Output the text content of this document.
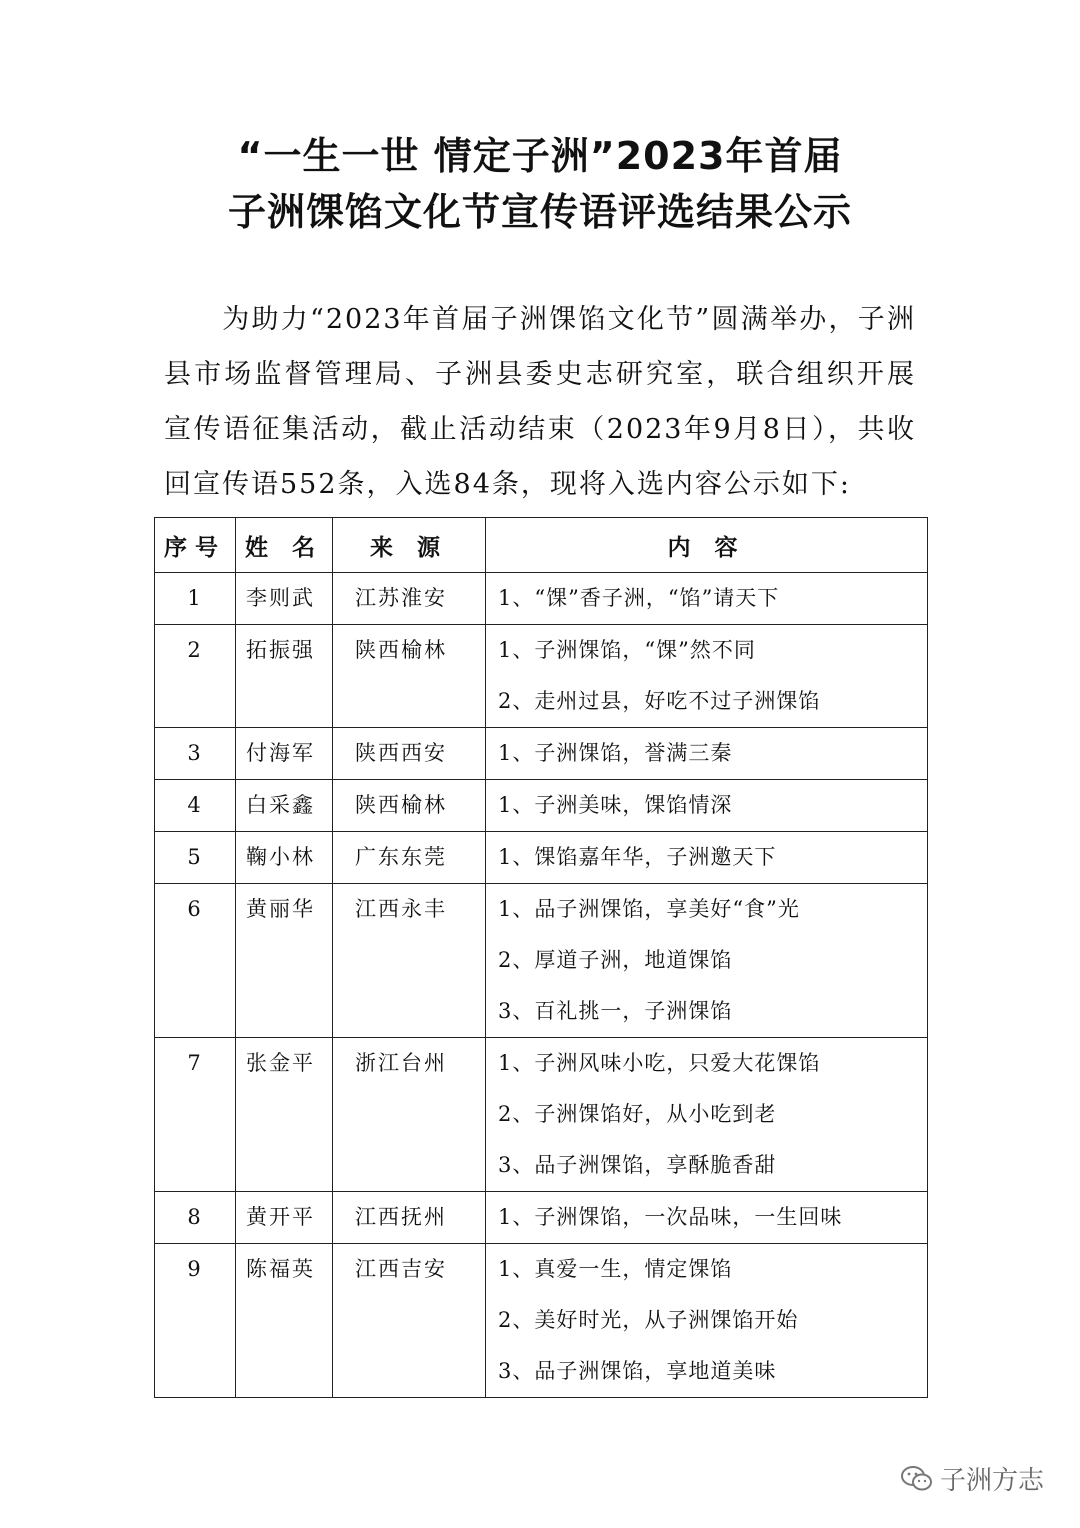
“一生一世 情定子洲”2023年首届
子洲馃馅文化节宣传语评选结果公示
为助力“2023年首届子洲馃馅文化节”圆满举办，子洲县市场监督管理局、子洲县委史志研究室，联合组织开展宣传语征集活动，截止活动结束（2023年9月8日），共收回宣传语552条，入选84条，现将入选内容公示如下:
序号	姓 名	来 源	内 容

1	李则武	江苏淮安	1、“馃”香子洲，“馅”请天下

2	拓振强	陕西榆林	1、子洲馃馅，“馃”然不同
2、走州过县，好吃不过子洲馃馅

3	付海军	陕西西安	1、子洲馃馅，誉满三秦

4	白采鑫	陕西榆林	1、子洲美味，馃馅情深

5	鞠小林	广东东莞	1、馃馅嘉年华，子洲邀天下

6	黄丽华	江西永丰	1、品子洲馃馅，享美好“食”光
2、厚道子洲，地道馃馅
3、百礼挑一，子洲馃馅

7	张金平	浙江台州	1、子洲风味小吃，只爱大花馃馅
2、子洲馃馅好，从小吃到老
3、品子洲馃馅，享酥脆香甜

8	黄开平	江西抚州	1、子洲馃馅，一次品味，一生回味

9	陈福英	江西吉安	1、真爱一生，情定馃馅
2、美好时光，从子洲馃馅开始
3、品子洲馃馅，享地道美味
子洲方志
